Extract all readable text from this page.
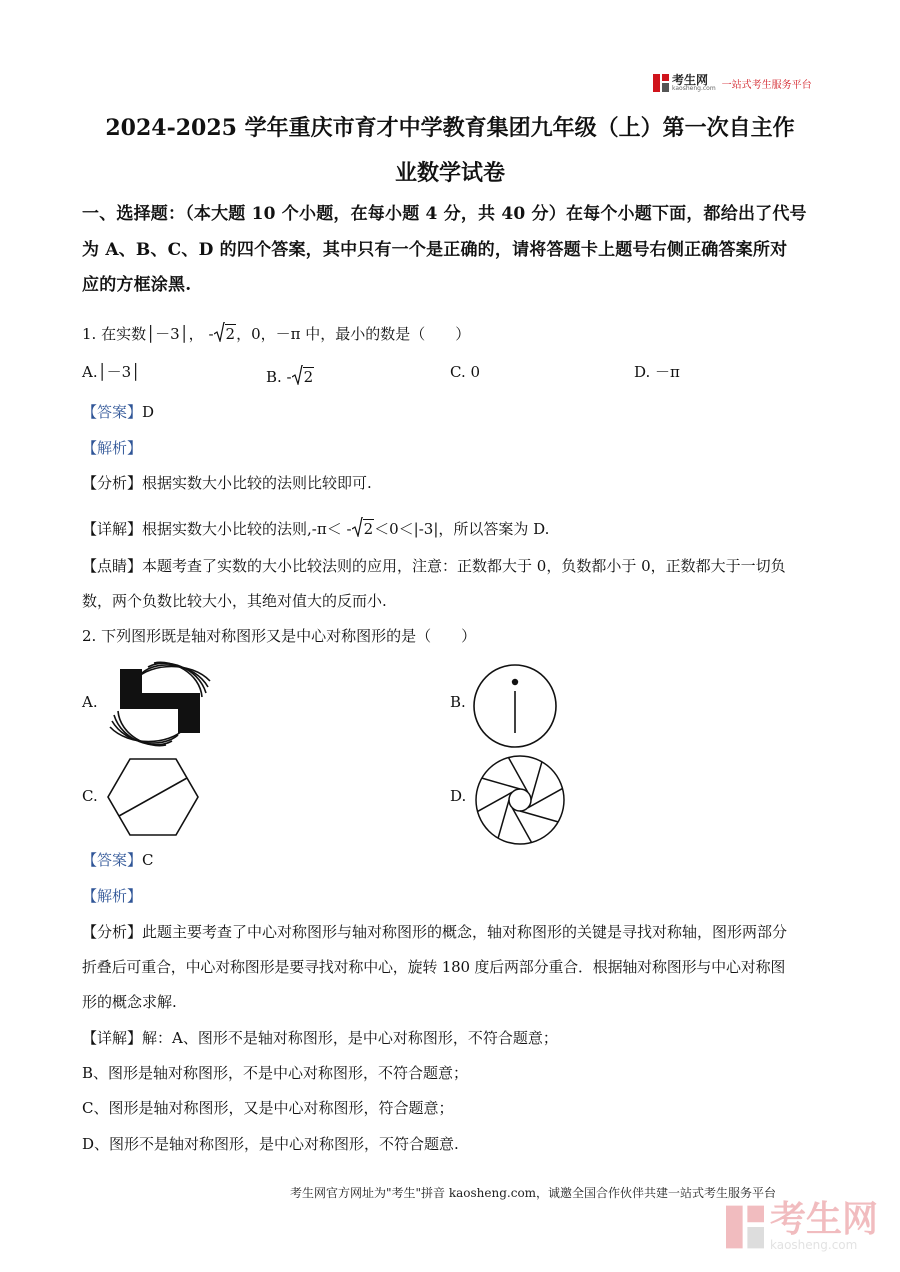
考生网
kaosheng.com 一站式考生服务平台
2024-2025 学年重庆市育才中学教育集团九年级（上）第一次自主作
业数学试卷
一、选择题：（本大题 10 个小题，在每小题 4 分，共 40 分）在每个小题下面，都给出了代号
为 A、B、C、D 的四个答案，其中只有一个是正确的，请将答题卡上题号右侧正确答案所对
应的方框涂黑.
1. 在实数│－3│， - 2，0，－π 中，最小的数是（　　）
A.│－3│	B. - 2	C. 0	D. －π
【答案】D
【解析】
【分析】根据实数大小比较的法则比较即可.
【详解】根据实数大小比较的法则,-π＜ - 2＜0＜|-3|，所以答案为 D.
【点睛】本题考查了实数的大小比较法则的应用，注意：正数都大于 0，负数都小于 0，正数都大于一切负
数，两个负数比较大小，其绝对值大的反而小.
2. 下列图形既是轴对称图形又是中心对称图形的是（　　）
A.	B.
C.	D.
【答案】C
【解析】
【分析】此题主要考查了中心对称图形与轴对称图形的概念，轴对称图形的关键是寻找对称轴，图形两部分
折叠后可重合，中心对称图形是要寻找对称中心，旋转 180 度后两部分重合．根据轴对称图形与中心对称图
形的概念求解.
【详解】解：A、图形不是轴对称图形，是中心对称图形，不符合题意；
B、图形是轴对称图形，不是中心对称图形，不符合题意；
C、图形是轴对称图形，又是中心对称图形，符合题意；
D、图形不是轴对称图形，是中心对称图形，不符合题意.
考生网官方网址为"考生"拼音 kaosheng.com，诚邀全国合作伙伴共建一站式考生服务平台
考生网
kaosheng.com
